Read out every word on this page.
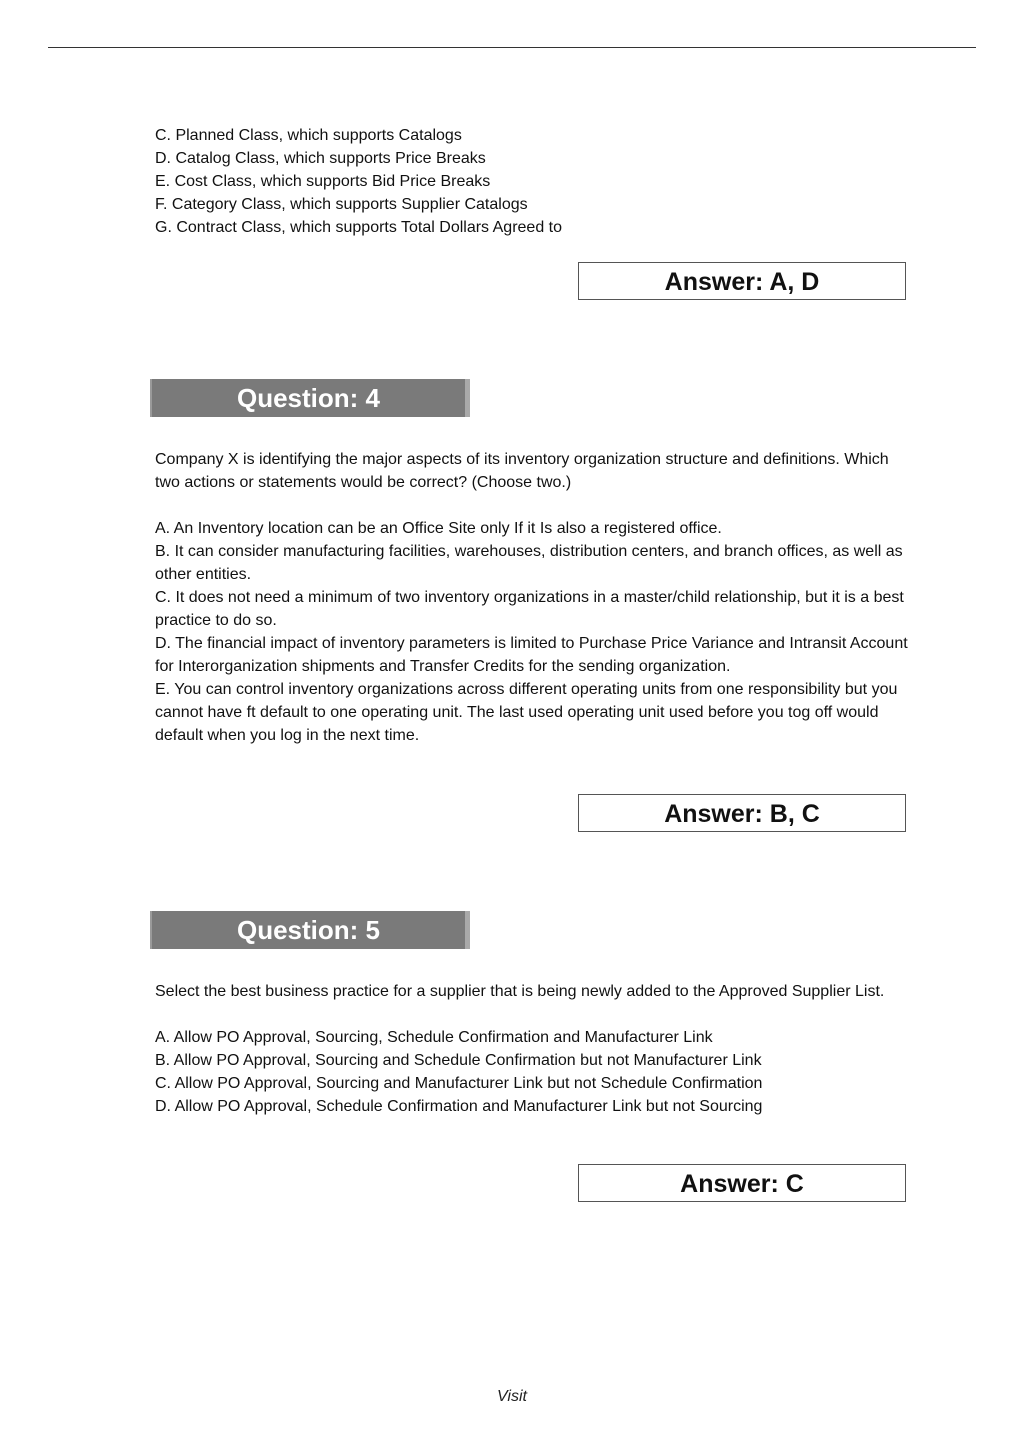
C. Planned Class, which supports Catalogs

D. Catalog Class, which supports Price Breaks

E. Cost Class, which supports Bid Price Breaks

F. Category Class, which supports Supplier Catalogs

G. Contract Class, which supports Total Dollars Agreed to

Answer: A, D
Question: 4

Company X is identifying the major aspects of its inventory organization structure and definitions. Which two actions or statements would be correct? (Choose two.)

A. An Inventory location can be an Office Site only If it Is also a registered office.

B. It can consider manufacturing facilities, warehouses, distribution centers, and branch offices, as well as other entities.

C. It does not need a minimum of two inventory organizations in a master/child relationship, but it is a best practice to do so.

D. The financial impact of inventory parameters is limited to Purchase Price Variance and Intransit Account for Interorganization shipments and Transfer Credits for the sending organization.

E. You can control inventory organizations across different operating units from one responsibility but you cannot have ft default to one operating unit. The last used operating unit used before you tog off would default when you log in the next time.

Answer: B, C
Question: 5

Select the best business practice for a supplier that is being newly added to the Approved Supplier List.

A. Allow PO Approval, Sourcing, Schedule Confirmation and Manufacturer Link

B. Allow PO Approval, Sourcing and Schedule Confirmation but not Manufacturer Link

C. Allow PO Approval, Sourcing and Manufacturer Link but not Schedule Confirmation

D. Allow PO Approval, Schedule Confirmation and Manufacturer Link but not Sourcing

Answer: C
Visit
